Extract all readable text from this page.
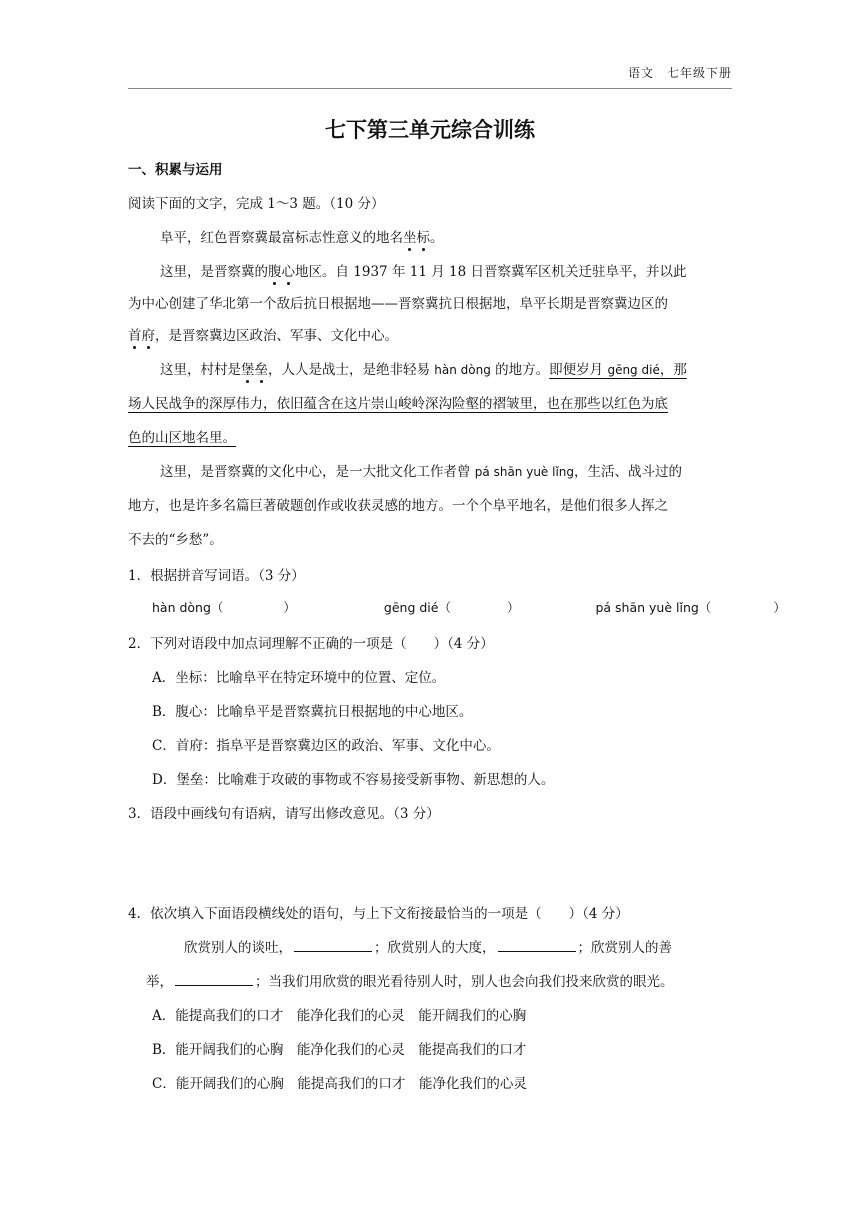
语文　 七年级下册
七下第三单元综合训练
一、积累与运用
阅读下面的文字，完成 1～3 题。（10 分）
阜平，红色晋察冀最富标志性意义的地名坐标。
这里，是晋察冀的腹心地区。自 1937 年 11 月 18 日晋察冀军区机关迁驻阜平，并以此
为中心创建了华北第一个敌后抗日根据地——晋察冀抗日根据地，阜平长期是晋察冀边区的
首府，是晋察冀边区政治、军事、文化中心。
这里，村村是堡垒，人人是战士，是绝非轻易 hàn dòng 的地方。即便岁月 gēng dié，那
场人民战争的深厚伟力，依旧蕴含在这片崇山峻岭深沟险壑的褶皱里，也在那些以红色为底
色的山区地名里。
这里，是晋察冀的文化中心，是一大批文化工作者曾 pá shān yuè lǐng，生活、战斗过的
地方，也是许多名篇巨著破题创作或收获灵感的地方。一个个阜平地名，是他们很多人挥之
不去的“乡愁”。
1．根据拼音写词语。（3 分）
hàn dòng（	）	gēng dié（	）	pá shān yuè lǐng（	）
2．下列对语段中加点词理解不正确的一项是（　　）（4 分）
A．坐标：比喻阜平在特定环境中的位置、定位。
B．腹心：比喻阜平是晋察冀抗日根据地的中心地区。
C．首府：指阜平是晋察冀边区的政治、军事、文化中心。
D．堡垒：比喻难于攻破的事物或不容易接受新事物、新思想的人。
3．语段中画线句有语病，请写出修改意见。（3 分）
4．依次填入下面语段横线处的语句，与上下文衔接最恰当的一项是（　　）（4 分）
欣赏别人的谈吐，	；欣赏别人的大度，	；欣赏别人的善
举，	；当我们用欣赏的眼光看待别人时，别人也会向我们投来欣赏的眼光。
A．能提高我们的口才　能净化我们的心灵　能开阔我们的心胸
B．能开阔我们的心胸　能净化我们的心灵　能提高我们的口才
C．能开阔我们的心胸　能提高我们的口才　能净化我们的心灵
